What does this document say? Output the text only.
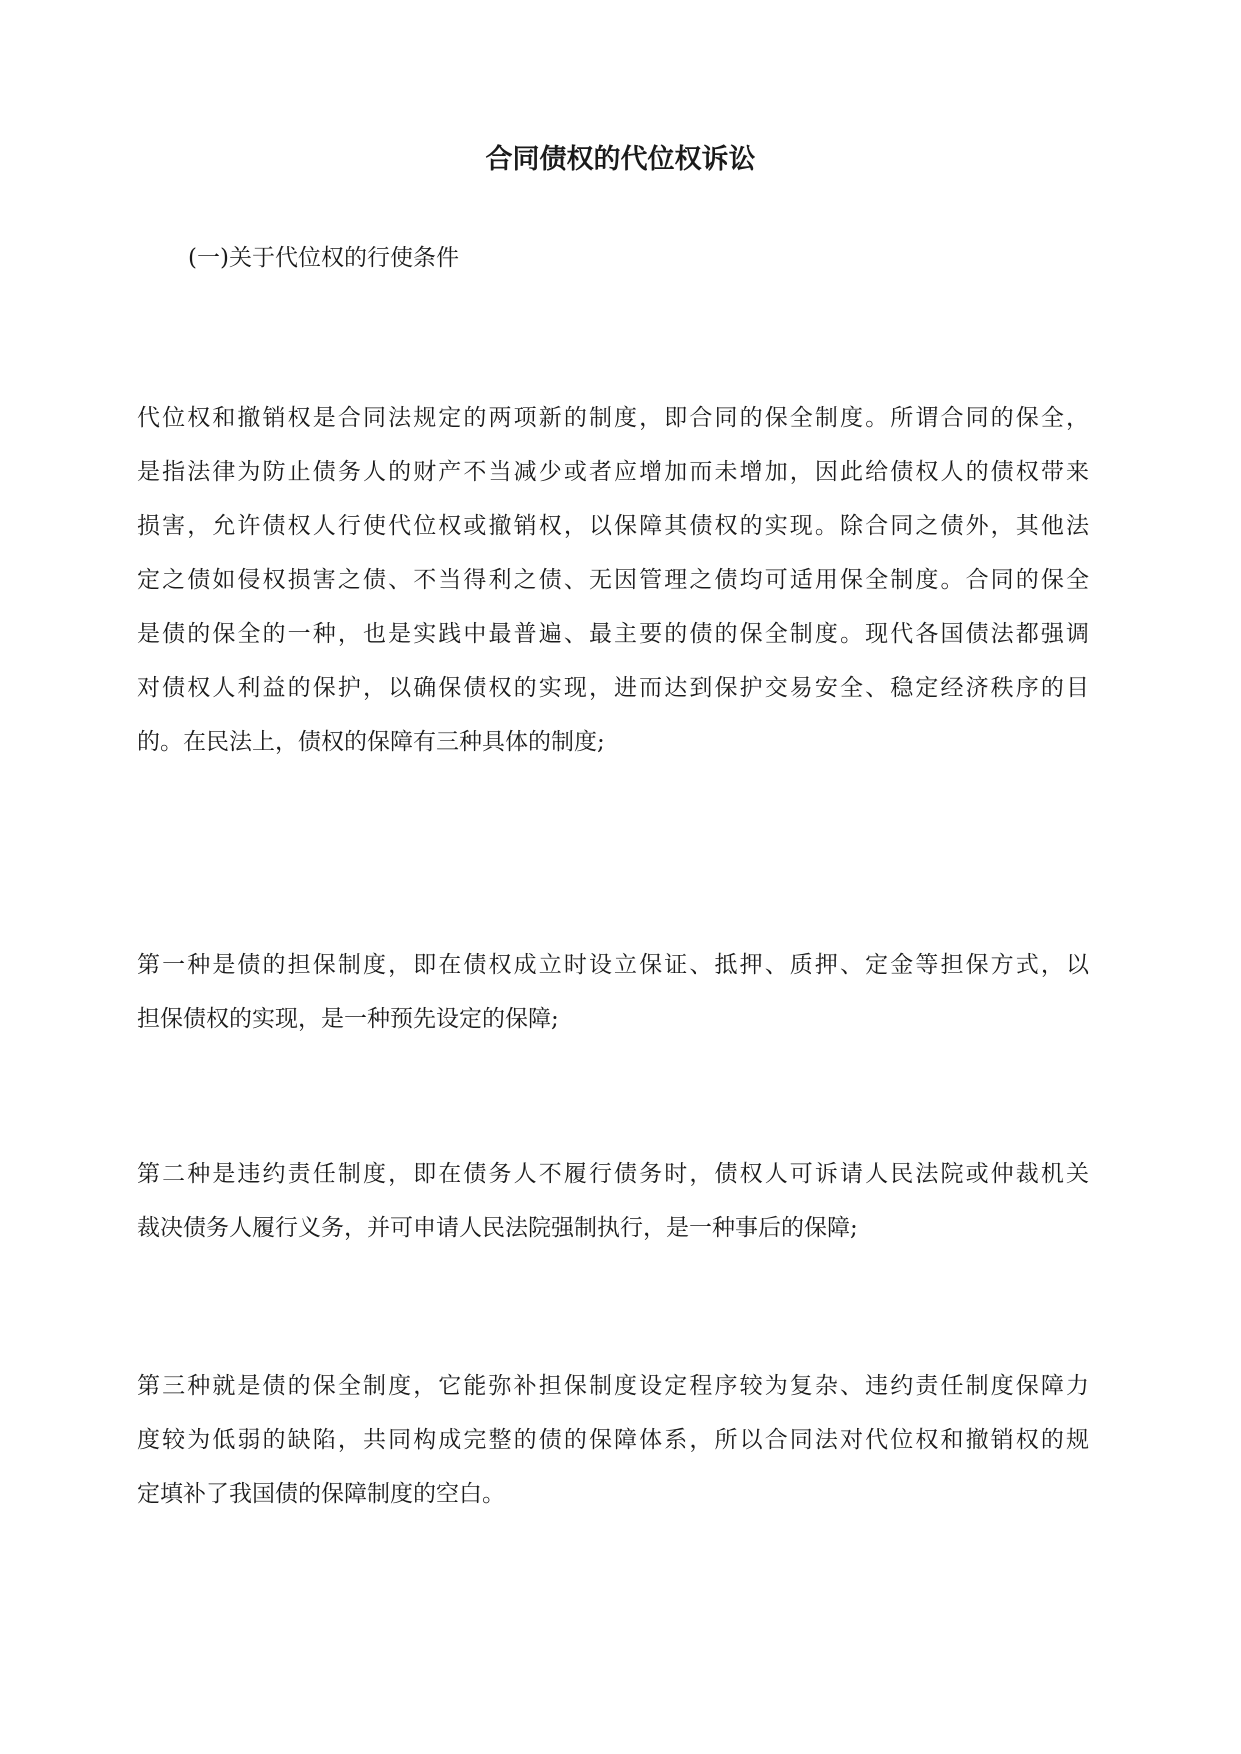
合同债权的代位权诉讼

(一)关于代位权的行使条件

代位权和撤销权是合同法规定的两项新的制度，即合同的保全制度。所谓合同的保全，
是指法律为防止债务人的财产不当减少或者应增加而未增加，因此给债权人的债权带来
损害，允许债权人行使代位权或撤销权，以保障其债权的实现。除合同之债外，其他法
定之债如侵权损害之债、不当得利之债、无因管理之债均可适用保全制度。合同的保全
是债的保全的一种，也是实践中最普遍、最主要的债的保全制度。现代各国债法都强调
对债权人利益的保护，以确保债权的实现，进而达到保护交易安全、稳定经济秩序的目
的。在民法上，债权的保障有三种具体的制度;

第一种是债的担保制度，即在债权成立时设立保证、抵押、质押、定金等担保方式，以
担保债权的实现，是一种预先设定的保障;

第二种是违约责任制度，即在债务人不履行债务时，债权人可诉请人民法院或仲裁机关
裁决债务人履行义务，并可申请人民法院强制执行，是一种事后的保障;

第三种就是债的保全制度，它能弥补担保制度设定程序较为复杂、违约责任制度保障力
度较为低弱的缺陷，共同构成完整的债的保障体系，所以合同法对代位权和撤销权的规
定填补了我国债的保障制度的空白。
